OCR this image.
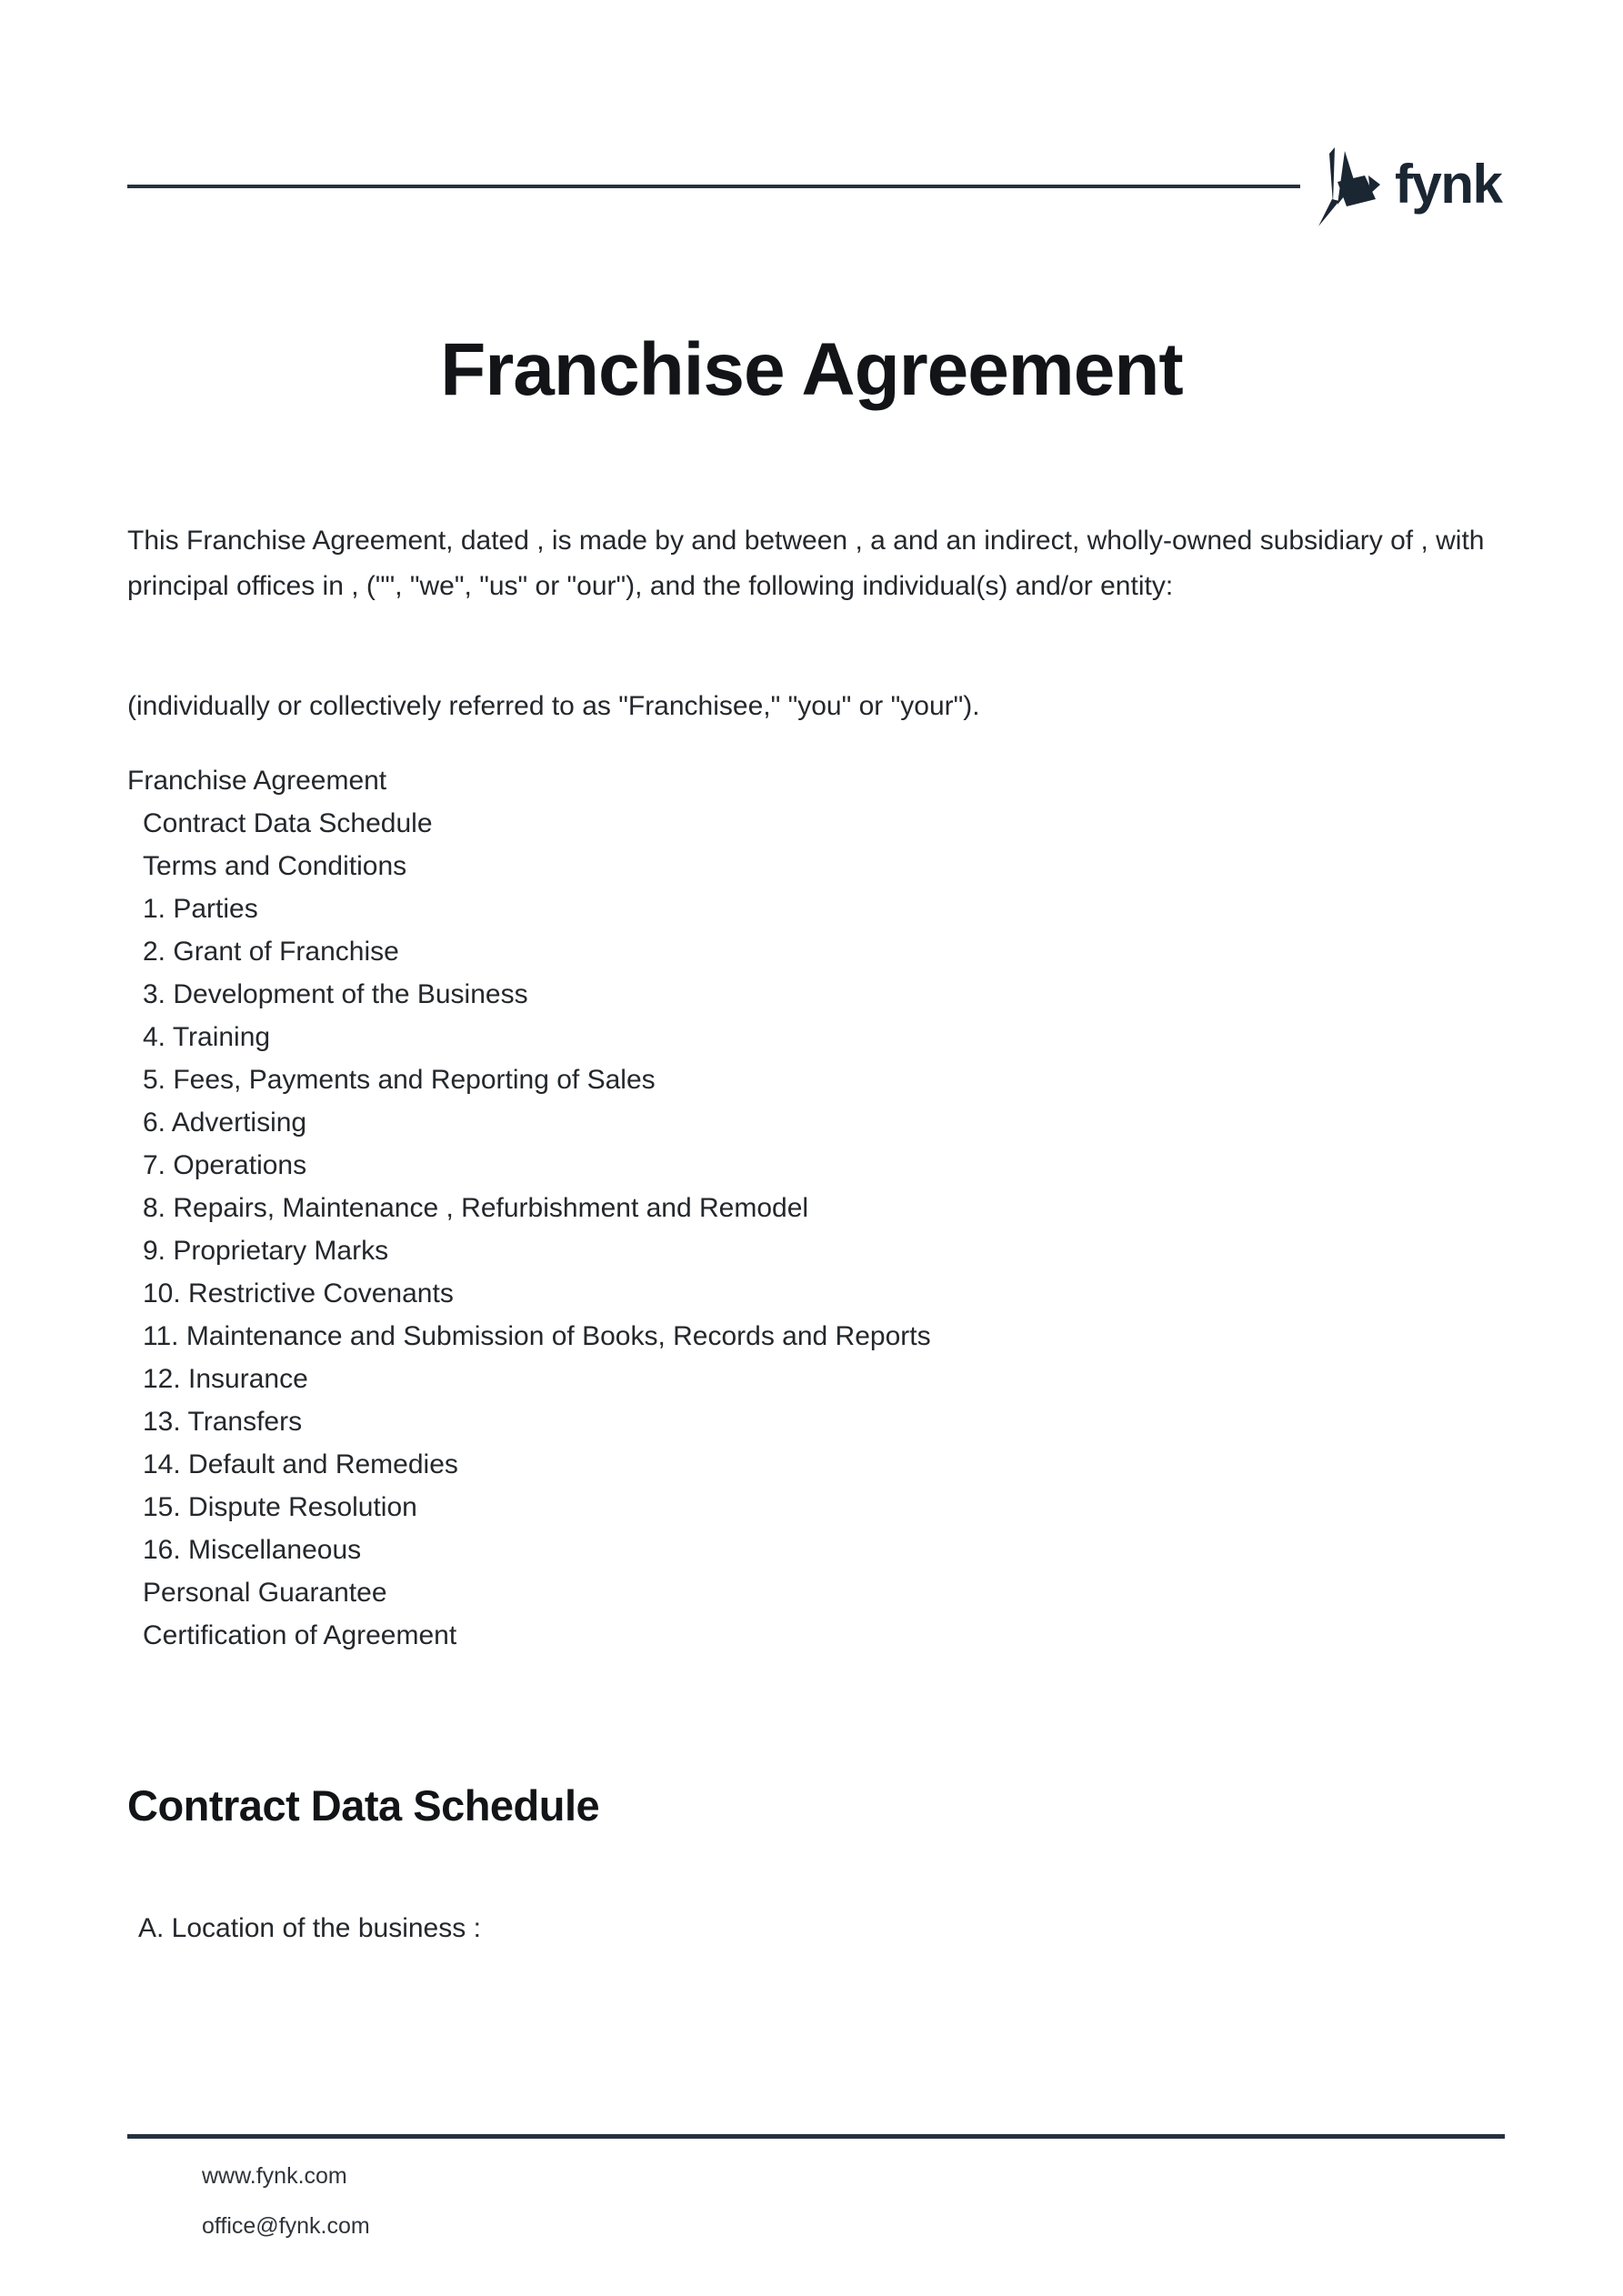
fynk
Franchise Agreement

This Franchise Agreement, dated , is made by and between , a and an indirect, wholly-owned subsidiary of , with principal offices in , ("", "we", "us" or "our"), and the following individual(s) and/or entity:

(individually or collectively referred to as "Franchisee," "you" or "your").

Franchise Agreement
Contract Data Schedule
Terms and Conditions
1. Parties
2. Grant of Franchise
3. Development of the Business
4. Training
5. Fees, Payments and Reporting of Sales
6. Advertising
7. Operations
8. Repairs, Maintenance , Refurbishment and Remodel
9. Proprietary Marks
10. Restrictive Covenants
11. Maintenance and Submission of Books, Records and Reports
12. Insurance
13. Transfers
14. Default and Remedies
15. Dispute Resolution
16. Miscellaneous
Personal Guarantee
Certification of Agreement
Contract Data Schedule

A. Location of the business :

www.fynk.com
office@fynk.com
